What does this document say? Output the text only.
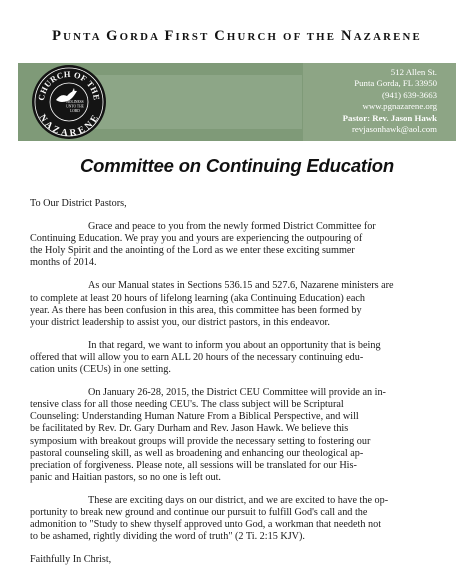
PUNTA GORDA FIRST CHURCH OF THE NAZARENE
CHURCH OF THE
NAZARENE
HOLINESS
UNTO THE
LORD
512 Allen St.
Punta Gorda, FL 33950
(941) 639-3663
www.pgnazarene.org
Pastor: Rev. Jason Hawk
revjasonhawk@aol.com
Committee on Continuing Education
To Our District Pastors,
Grace and peace to you from the newly formed District Committee for
Continuing Education. We pray you and yours are experiencing the outpouring of
the Holy Spirit and the anointing of the Lord as we enter these exciting summer
months of 2014.
As our Manual states in Sections 536.15 and 527.6, Nazarene ministers are
to complete at least 20 hours of lifelong learning (aka Continuing Education) each
year. As there has been confusion in this area, this committee has been formed by
your district leadership to assist you, our district pastors, in this endeavor.
In that regard, we want to inform you about an opportunity that is being
offered that will allow you to earn ALL 20 hours of the necessary continuing edu-
cation units (CEUs) in one setting.
On January 26-28, 2015, the District CEU Committee will provide an in-
tensive class for all those needing CEU's. The class subject will be Scriptural
Counseling: Understanding Human Nature From a Biblical Perspective, and will
be facilitated by Rev. Dr. Gary Durham and Rev. Jason Hawk. We believe this
symposium with breakout groups will provide the necessary setting to fostering our
pastoral counseling skill, as well as broadening and enhancing our theological ap-
preciation of forgiveness. Please note, all sessions will be translated for our His-
panic and Haitian pastors, so no one is left out.
These are exciting days on our district, and we are excited to have the op-
portunity to break new ground and continue our pursuit to fulfill God's call and the
admonition to "Study to shew thyself approved unto God, a workman that needeth not
to be ashamed, rightly dividing the word of truth" (2 Ti. 2:15 KJV).
Faithfully In Christ,
